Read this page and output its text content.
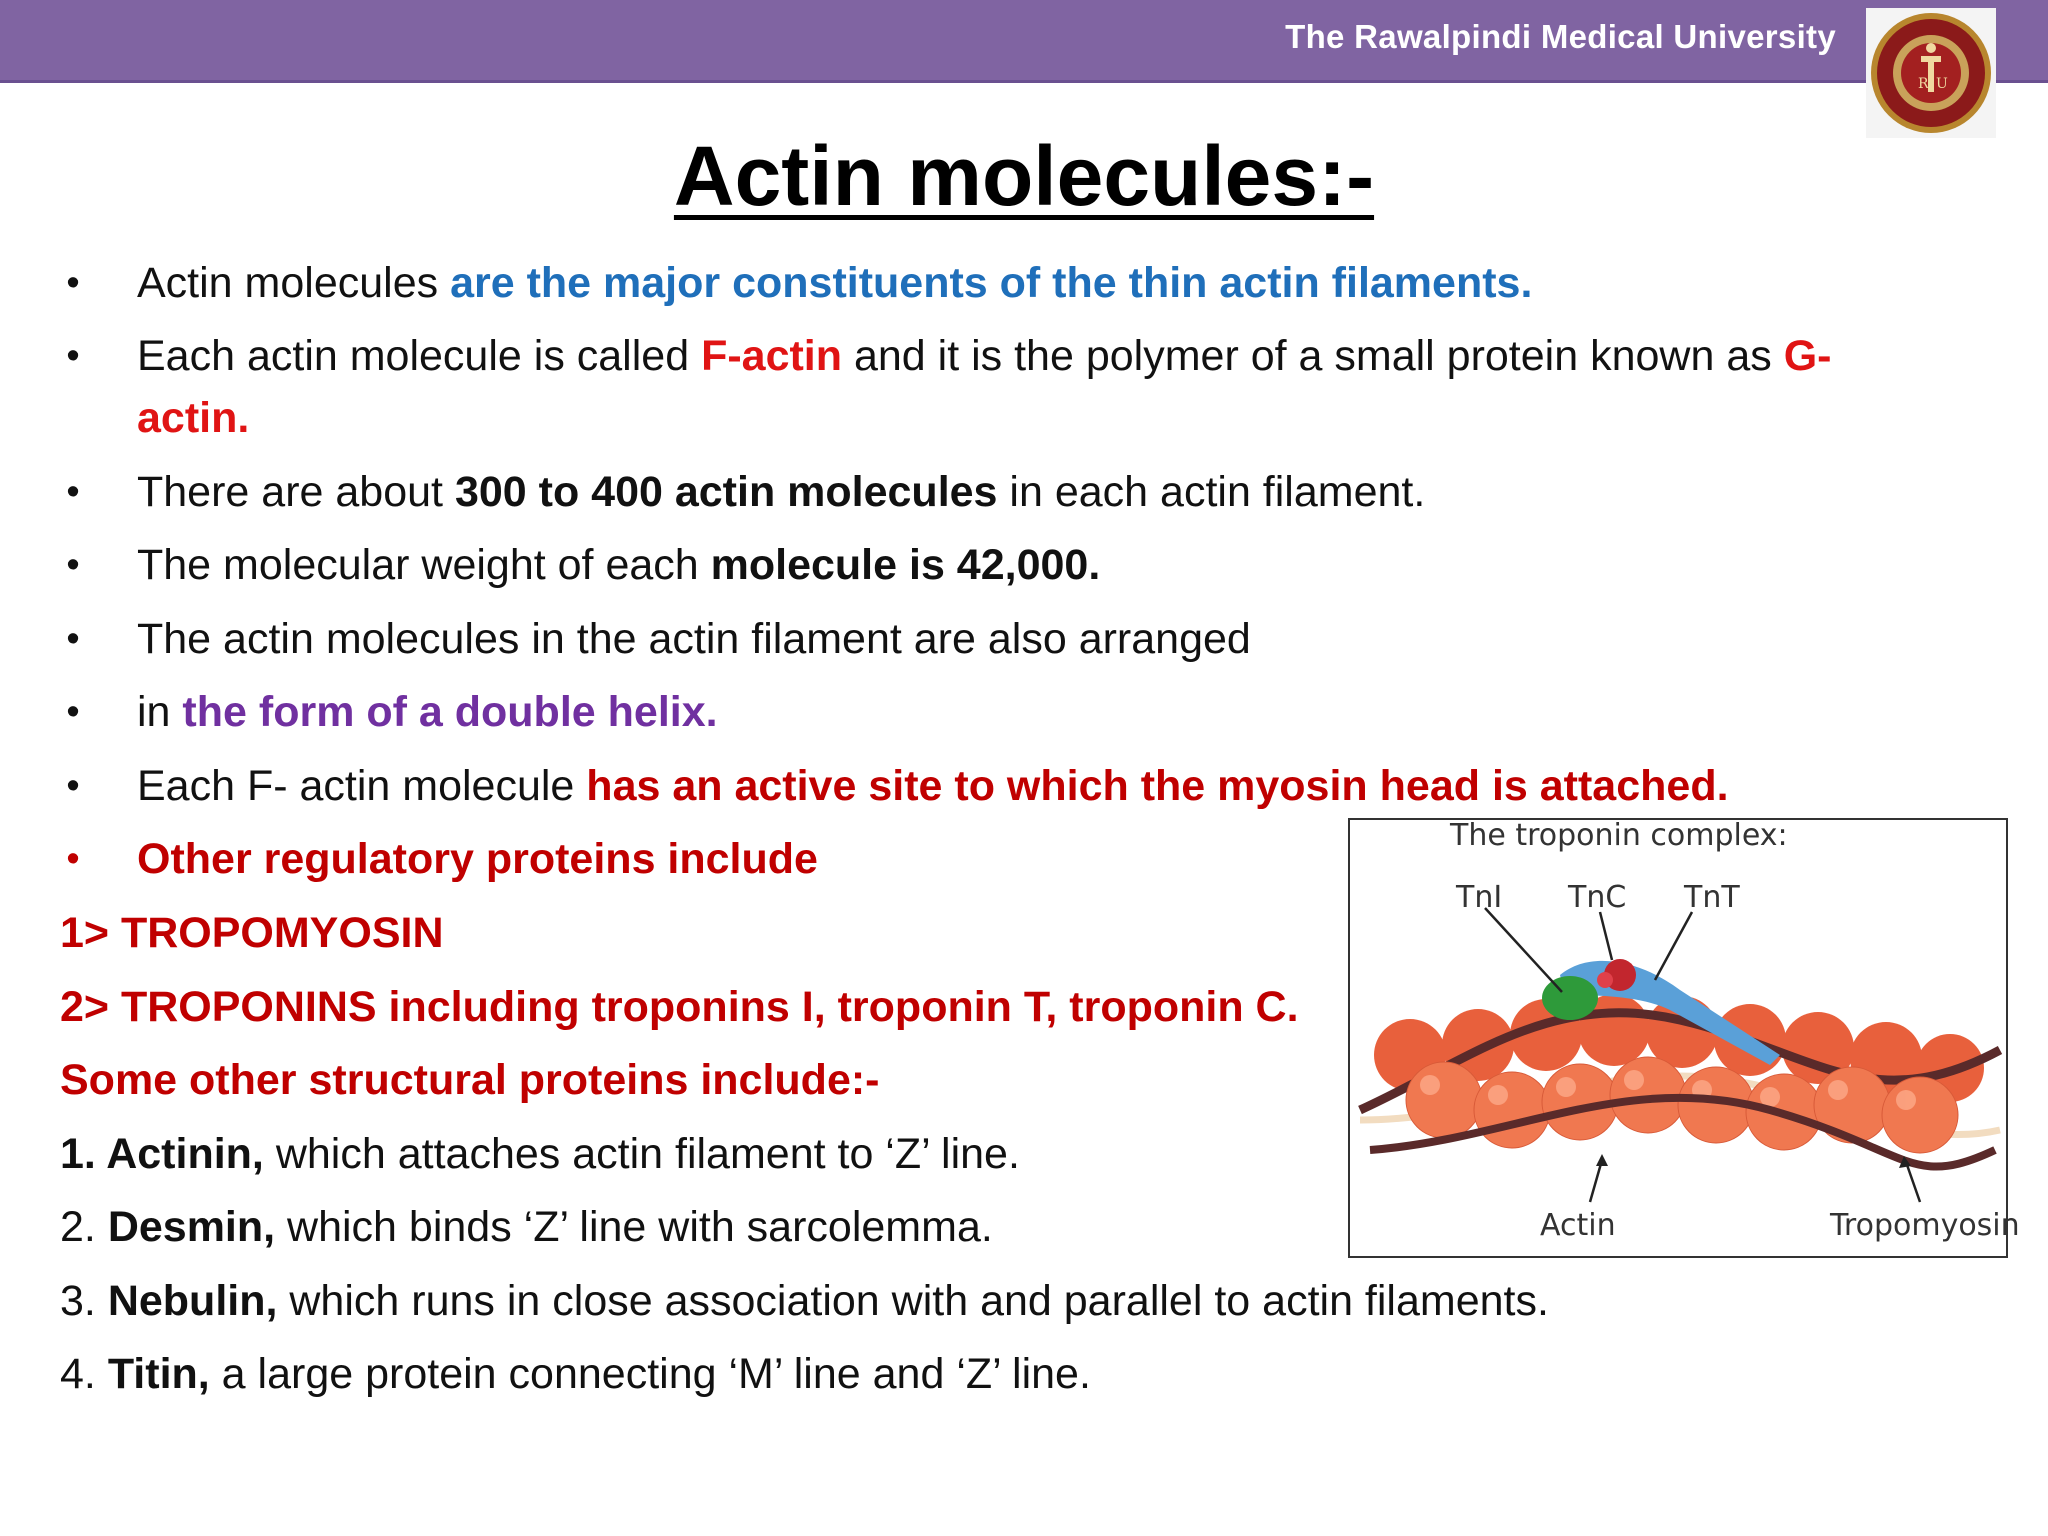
The Rawalpindi Medical University
R U
Actin molecules:-
• Actin molecules are the major constituents of the thin actin filaments.
• Each actin molecule is called F-actin and it is the polymer of a small protein known as G-
actin.
• There are about 300 to 400 actin molecules in each actin filament.
• The molecular weight of each molecule is 42,000.
• The actin molecules in the actin filament are also arranged
• in the form of a double helix.
• Each F- actin molecule has an active site to which the myosin head is attached.
• Other regulatory proteins include
1> TROPOMYOSIN
2> TROPONINS including troponins I, troponin T, troponin C.
Some other structural proteins include:-
1. Actinin, which attaches actin filament to ‘Z’ line.
2. Desmin, which binds ‘Z’ line with sarcolemma.
3. Nebulin, which runs in close association with and parallel to actin filaments.
4. Titin, a large protein connecting ‘M’ line and ‘Z’ line.
The troponin complex:
TnI TnC TnT
Actin	Tropomyosin
